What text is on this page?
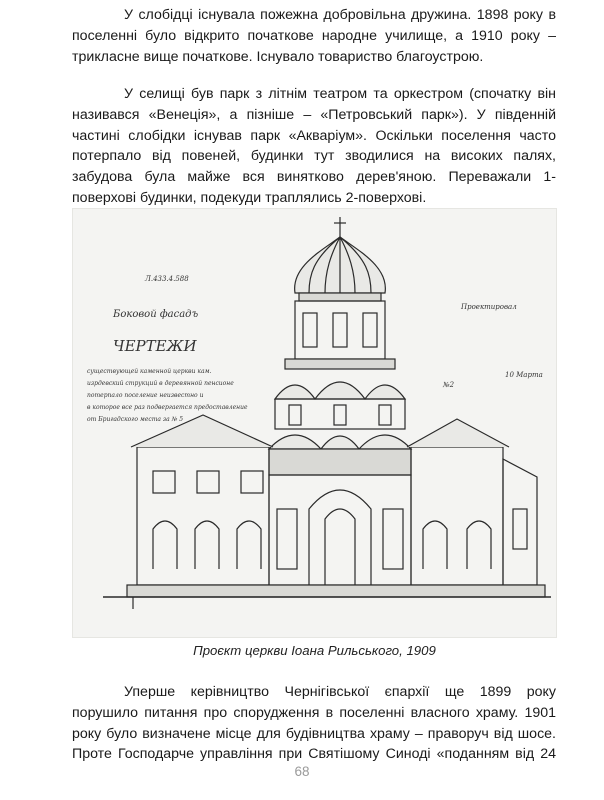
У слобідці існувала пожежна добровільна дружина. 1898 року в
поселенні було відкрито початкове народне училище, а 1910 року –
трикласне вище початкове. Існувало товариство благоустрою.
У селищі був парк з літнім театром та оркестром (спочатку він
називався «Венеція», а пізніше – «Петровський парк»). У південній
частині слобідки існував парк «Акваріум». Оскільки поселення часто
потерпало від повеней, будинки тут зводилися на високих палях,
забудова була майже вся винятково дерев'яною. Переважали 1-
поверхові будинки, подекуди траплялись 2-поверхові.
Л.433.4.588
Боковой фасадъ
ЧЕРТЕЖИ
существующей каменной церкви кам.
изрдевский струкций в деревянной пенсионе
потерпало поселение неизвестно и
в которое все раз подвергается предоставление
от Бригадского места за № 5
Проектировал
10 Марта
№2
Проєкт церкви Іоана Рильського, 1909
Уперше керівництво Чернігівської єпархії ще 1899 року
порушило питання про спорудження в поселенні власного храму. 1901
року було визначене місце для будівництва храму – праворуч від шосе.
Проте Господарче управління при Святішому Синоді «поданням від 24
68
